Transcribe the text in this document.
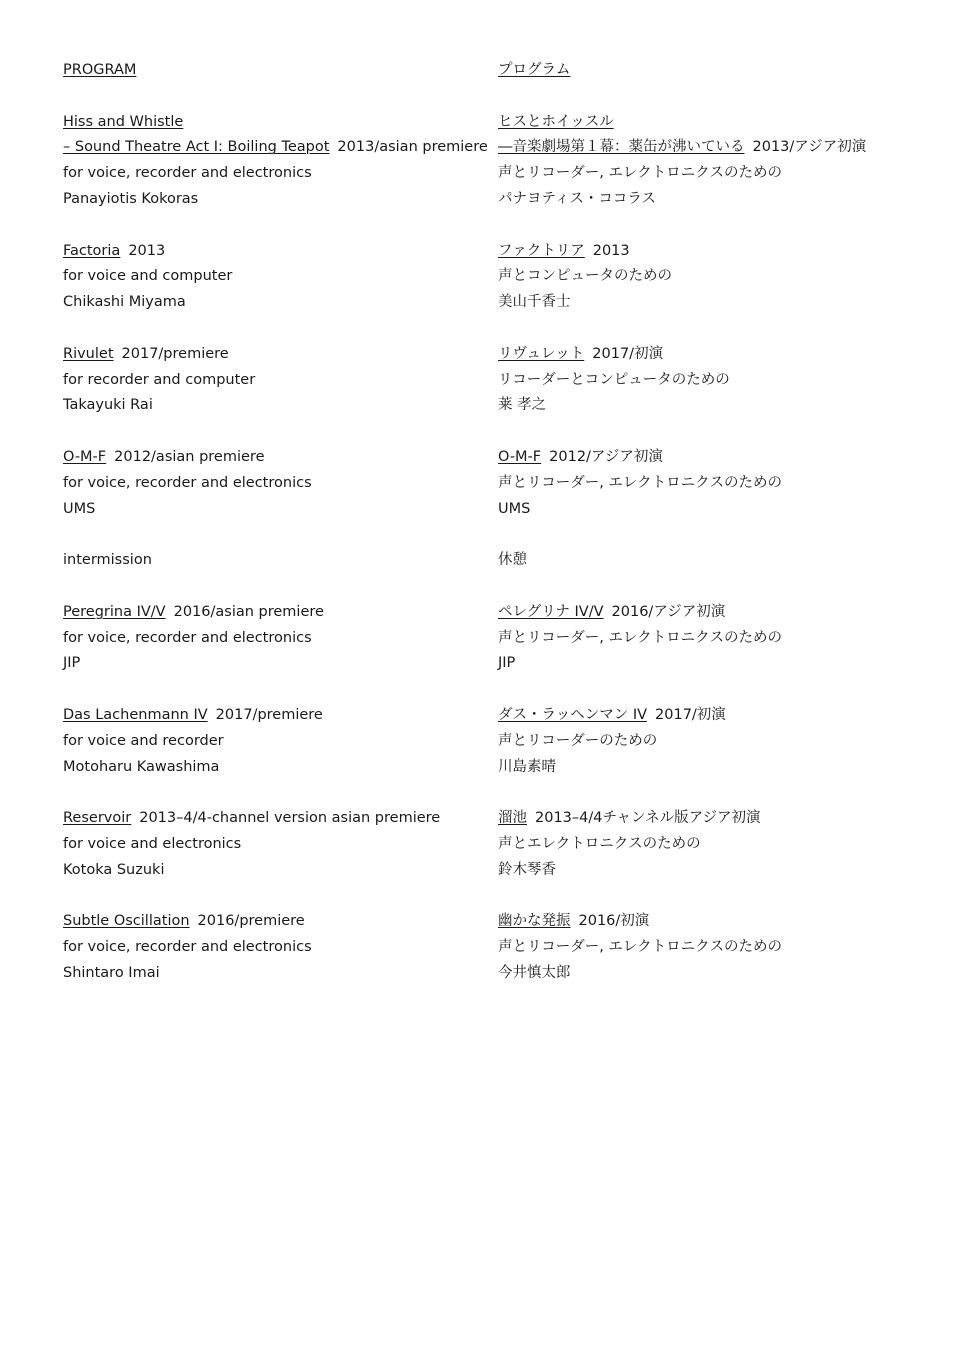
PROGRAM
Hiss and Whistle
– Sound Theatre Act I: Boiling Teapot 2013/asian premiere
for voice, recorder and electronics
Panayiotis Kokoras
Factoria 2013
for voice and computer
Chikashi Miyama
Rivulet 2017/premiere
for recorder and computer
Takayuki Rai
O-M-F 2012/asian premiere
for voice, recorder and electronics
UMS
intermission
Peregrina IV/V 2016/asian premiere
for voice, recorder and electronics
JIP
Das Lachenmann IV 2017/premiere
for voice and recorder
Motoharu Kawashima
Reservoir 2013–4/4-channel version asian premiere
for voice and electronics
Kotoka Suzuki
Subtle Oscillation 2016/premiere
for voice, recorder and electronics
Shintaro Imai
プログラム
ヒスとホイッスル
―音楽劇場第１幕：薬缶が沸いている 2013/アジア初演
声とリコーダー, エレクトロニクスのための
パナヨティス・ココラス
ファクトリア 2013
声とコンピュータのための
美山千香士
リヴュレット 2017/初演
リコーダーとコンピュータのための
莱 孝之
O-M-F 2012/アジア初演
声とリコーダー, エレクトロニクスのための
UMS
休憩
ペレグリナ IV/V 2016/アジア初演
声とリコーダー, エレクトロニクスのための
JIP
ダス・ラッヘンマン IV 2017/初演
声とリコーダーのための
川島素晴
溜池 2013–4/4チャンネル版アジア初演
声とエレクトロニクスのための
鈴木琴香
幽かな発振 2016/初演
声とリコーダー, エレクトロニクスのための
今井慎太郎
